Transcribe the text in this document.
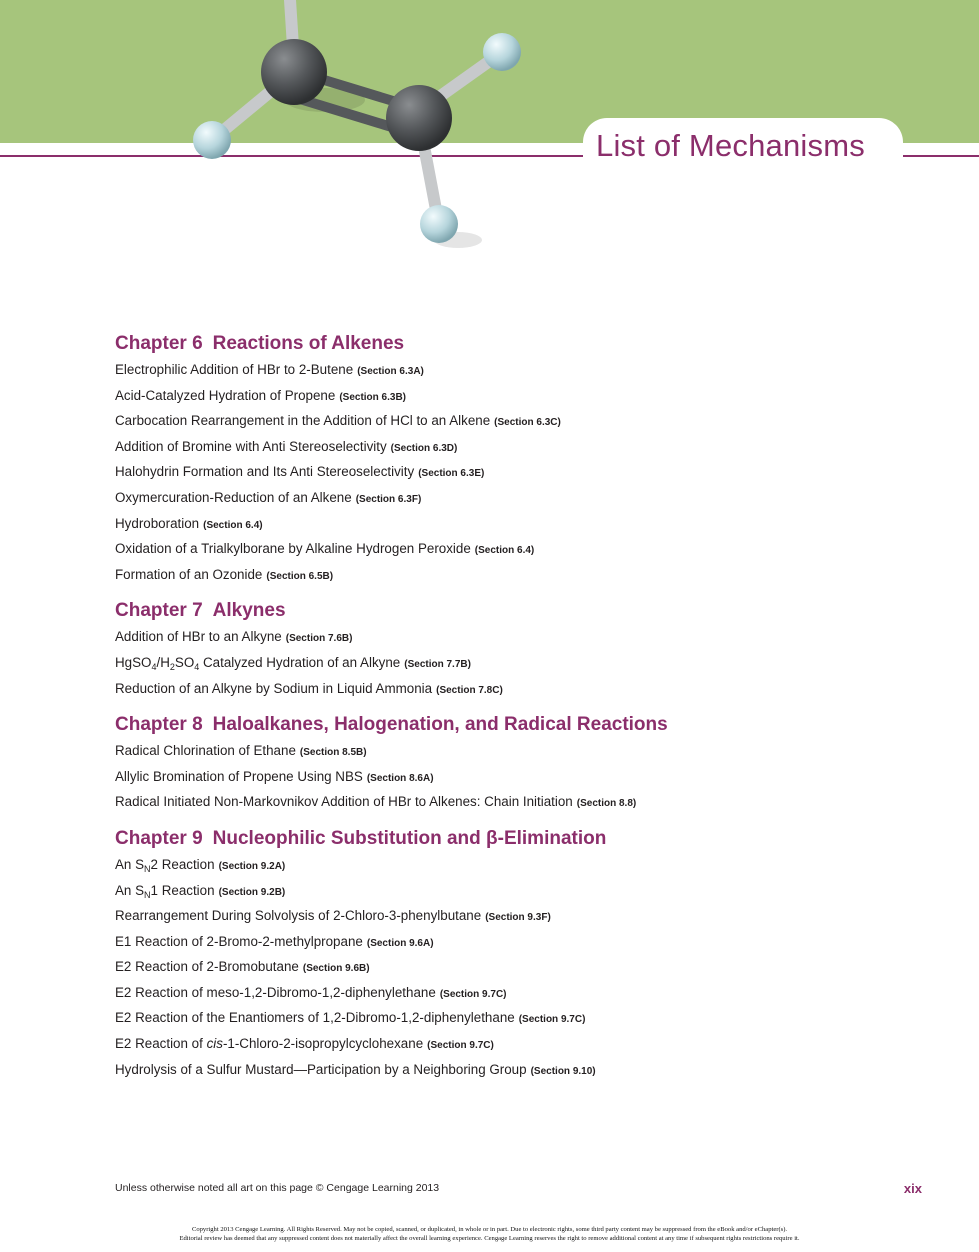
List of Mechanisms
Chapter 6 Reactions of Alkenes
Electrophilic Addition of HBr to 2-Butene (Section 6.3A)
Acid-Catalyzed Hydration of Propene (Section 6.3B)
Carbocation Rearrangement in the Addition of HCl to an Alkene (Section 6.3C)
Addition of Bromine with Anti Stereoselectivity (Section 6.3D)
Halohydrin Formation and Its Anti Stereoselectivity (Section 6.3E)
Oxymercuration-Reduction of an Alkene (Section 6.3F)
Hydroboration (Section 6.4)
Oxidation of a Trialkylborane by Alkaline Hydrogen Peroxide (Section 6.4)
Formation of an Ozonide (Section 6.5B)
Chapter 7 Alkynes
Addition of HBr to an Alkyne (Section 7.6B)
$HgSO_4/H_2SO_4$ Catalyzed Hydration of an Alkyne (Section 7.7B)
Reduction of an Alkyne by Sodium in Liquid Ammonia (Section 7.8C)
Chapter 8 Haloalkanes, Halogenation, and Radical Reactions
Radical Chlorination of Ethane (Section 8.5B)
Allylic Bromination of Propene Using NBS (Section 8.6A)
Radical Initiated Non-Markovnikov Addition of HBr to Alkenes: Chain Initiation (Section 8.8)
Chapter 9 Nucleophilic Substitution and β-Elimination
An $S_N2$ Reaction (Section 9.2A)
An $S_N1$ Reaction (Section 9.2B)
Rearrangement During Solvolysis of 2-Chloro-3-phenylbutane (Section 9.3F)
E1 Reaction of 2-Bromo-2-methylpropane (Section 9.6A)
E2 Reaction of 2-Bromobutane (Section 9.6B)
E2 Reaction of meso-1,2-Dibromo-1,2-diphenylethane (Section 9.7C)
E2 Reaction of the Enantiomers of 1,2-Dibromo-1,2-diphenylethane (Section 9.7C)
E2 Reaction of cis-1-Chloro-2-isopropylcyclohexane (Section 9.7C)
Hydrolysis of a Sulfur Mustard—Participation by a Neighboring Group (Section 9.10)
Unless otherwise noted all art on this page © Cengage Learning 2013	xix
Copyright 2013 Cengage Learning. All Rights Reserved. May not be copied, scanned, or duplicated, in whole or in part. Due to electronic rights, some third party content may be suppressed from the eBook and/or eChapter(s).
Editorial review has deemed that any suppressed content does not materially affect the overall learning experience. Cengage Learning reserves the right to remove additional content at any time if subsequent rights restrictions require it.
